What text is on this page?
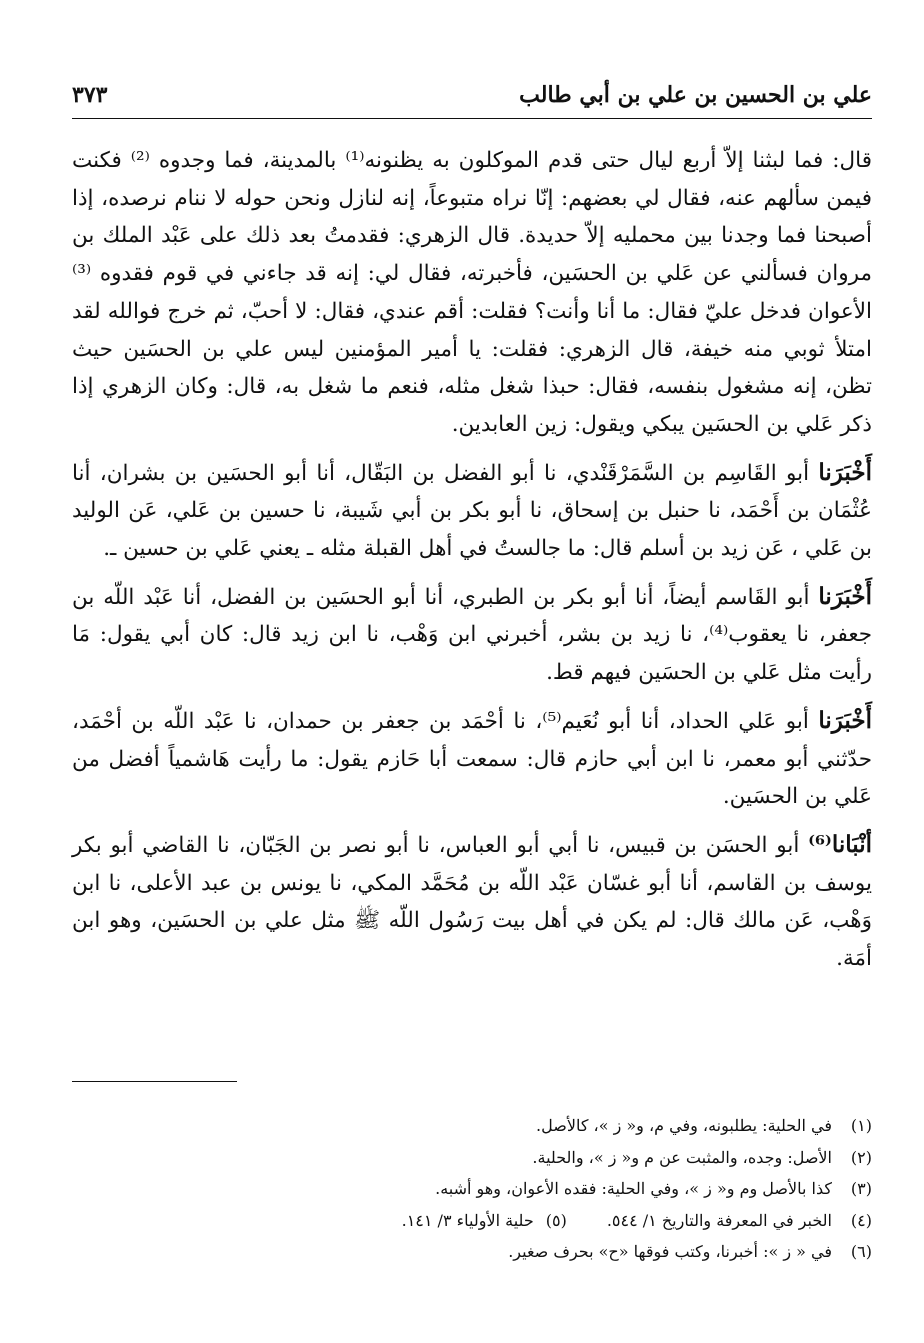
علي بن الحسين بن علي بن أبي طالب
٣٧٣

قال: فما لبثنا إلاّ أربع ليال حتى قدم الموكلون به يظنونه⁽¹⁾ بالمدينة، فما وجدوه ⁽²⁾ فكنت فيمن سألهم عنه، فقال لي بعضهم: إنّا نراه متبوعاً، إنه لنازل ونحن حوله لا ننام نرصده، إذا أصبحنا فما وجدنا بين محمليه إلاّ حديدة. قال الزهري: فقدمتُ بعد ذلك على عَبْد الملك بن مروان فسألني عن عَلي بن الحسَين، فأخبرته، فقال لي: إنه قد جاءني في قوم فقدوه ⁽³⁾ الأعوان فدخل عليّ فقال: ما أنا وأنت؟ فقلت: أقم عندي، فقال: لا أحبّ، ثم خرج فوالله لقد امتلأ ثوبي منه خيفة، قال الزهري: فقلت: يا أمير المؤمنين ليس علي بن الحسَين حيث تظن، إنه مشغول بنفسه، فقال: حبذا شغل مثله، فنعم ما شغل به، قال: وكان الزهري إذا ذكر عَلي بن الحسَين يبكي ويقول: زين العابدين.

أَخْبَرَنا أبو القَاسِم بن السَّمَرْقَنْدي، نا أبو الفضل بن البَقّال، أنا أبو الحسَين بن بشران، أنا عُثْمَان بن أَحْمَد، نا حنبل بن إسحاق، نا أبو بكر بن أبي شَيبة، نا حسين بن عَلي، عَن الوليد بن عَلي ، عَن زيد بن أسلم قال: ما جالستُ في أهل القبلة مثله ـ يعني عَلي بن حسين ـ.

أَخْبَرَنا أبو القَاسم أيضاً، أنا أبو بكر بن الطبري، أنا أبو الحسَين بن الفضل، أنا عَبْد اللّه بن جعفر، نا يعقوب⁽⁴⁾، نا زيد بن بشر، أخبرني ابن وَهْب، نا ابن زيد قال: كان أبي يقول: مَا رأيت مثل عَلي بن الحسَين فيهم قط.

أَخْبَرَنا أبو عَلي الحداد، أنا أبو نُعَيم⁽⁵⁾، نا أحْمَد بن جعفر بن حمدان، نا عَبْد اللّه بن أحْمَد، حدّثني أبو معمر، نا ابن أبي حازم قال: سمعت أبا حَازم يقول: ما رأيت هَاشمياً أفضل من عَلي بن الحسَين.

أنْبَانا⁽⁶⁾ أبو الحسَن بن قبيس، نا أبي أبو العباس، نا أبو نصر بن الجَبّان، نا القاضي أبو بكر يوسف بن القاسم، أنا أبو غسّان عَبْد اللّه بن مُحَمَّد المكي، نا يونس بن عبد الأعلى، نا ابن وَهْب، عَن مالك قال: لم يكن في أهل بيت رَسُول اللّه ﷺ مثل علي بن الحسَين، وهو ابن أمَة.

(١)في الحلية: يطلبونه، وفي م، و« ز »، كالأصل.
(٢)الأصل: وجده، والمثبت عن م و« ز »، والحلية.
(٣)كذا بالأصل وم و« ز »، وفي الحلية: فقده الأعوان، وهو أشبه.
(٤)الخبر في المعرفة والتاريخ ١/ ٥٤٤.(٥)حلية الأولياء ٣/ ١٤١.
(٦)في « ز »: أخبرنا، وكتب فوقها «ح» بحرف صغير.
